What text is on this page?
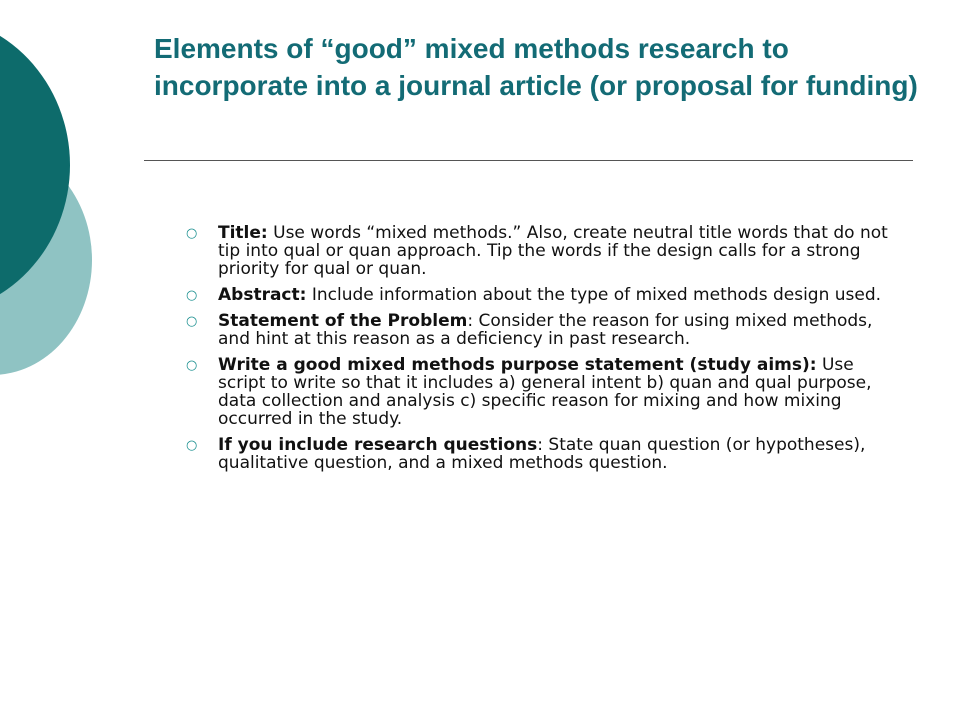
Elements of “good” mixed methods research to incorporate into a journal article (or proposal for funding)
○ Title: Use words “mixed methods.” Also, create neutral title words that do not tip into qual or quan approach. Tip the words if the design calls for a strong priority for qual or quan.
○ Abstract: Include information about the type of mixed methods design used.
○ Statement of the Problem: Consider the reason for using mixed methods, and hint at this reason as a deficiency in past research.
○ Write a good mixed methods purpose statement (study aims): Use script to write so that it includes a) general intent b) quan and qual purpose, data collection and analysis c) specific reason for mixing and how mixing occurred in the study.
○ If you include research questions: State quan question (or hypotheses), qualitative question, and a mixed methods question.
